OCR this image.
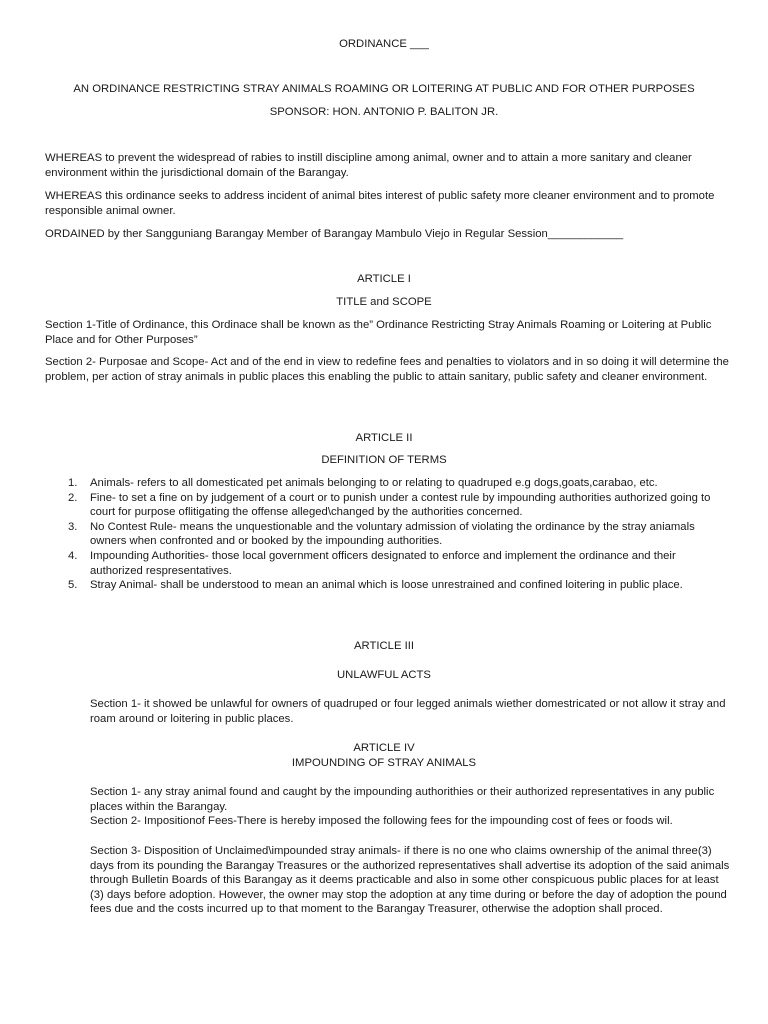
ORDINANCE ___
AN ORDINANCE RESTRICTING STRAY ANIMALS ROAMING OR LOITERING AT PUBLIC AND FOR OTHER PURPOSES
SPONSOR: HON. ANTONIO P. BALITON JR.
WHEREAS to prevent the widespread of rabies to instill discipline among animal, owner and to attain a more sanitary and cleaner environment within the jurisdictional domain of the Barangay.
WHEREAS this ordinance seeks to address incident of animal bites interest of public safety more cleaner environment and to promote responsible animal owner.
ORDAINED by ther Sangguniang Barangay Member of Barangay Mambulo Viejo in Regular Session____________
ARTICLE I
TITLE and SCOPE
Section 1-Title of Ordinance, this Ordinace shall be known as the” Ordinance Restricting Stray Animals Roaming or Loitering at Public Place and for Other Purposes”
Section 2- Purposae and Scope- Act and of the end in view to redefine fees and penalties to violators and in so doing it will determine the problem, per action of stray animals in public places this enabling the public to attain sanitary, public safety and cleaner environment.
ARTICLE II
DEFINITION OF TERMS
1. Animals- refers to all domesticated pet animals belonging to or relating to quadruped e.g dogs,goats,carabao, etc.
2. Fine- to set a fine on by judgement of a court or to punish under a contest rule by impounding authorities authorized going to court for purpose oflitigating the offense alleged\changed by the authorities concerned.
3. No Contest Rule- means the unquestionable and the voluntary admission of violating the ordinance by the stray aniamals owners when confronted and or booked by the impounding authorities.
4. Impounding Authorities- those local government officers designated to enforce and implement the ordinance and their authorized respresentatives.
5. Stray Animal- shall be understood to mean an animal which is loose unrestrained and confined loitering in public place.
ARTICLE III
UNLAWFUL ACTS
Section 1- it showed be unlawful for owners of quadruped or four legged animals wiether domestricated or not allow it stray and roam around or loitering in public places.
ARTICLE IV
IMPOUNDING OF STRAY ANIMALS
Section 1- any stray animal found and caught by the impounding authorithies or their authorized representatives in any public places within the Barangay.
Section 2- Impositionof Fees-There is hereby imposed the following fees for the impounding cost of fees or foods wil.
Section 3- Disposition of Unclaimed\impounded stray animals- if there is no one who claims ownership of the animal three(3) days from its pounding the Barangay Treasures or the authorized representatives shall advertise its adoption of the said animals through Bulletin Boards of this Barangay as it deems practicable and also in some other conspicuous public places for at least (3) days before adoption. However, the owner may stop the adoption at any time during or before the day of adoption the pound fees due and the costs incurred up to that moment to the Barangay Treasurer, otherwise the adoption shall proced.
